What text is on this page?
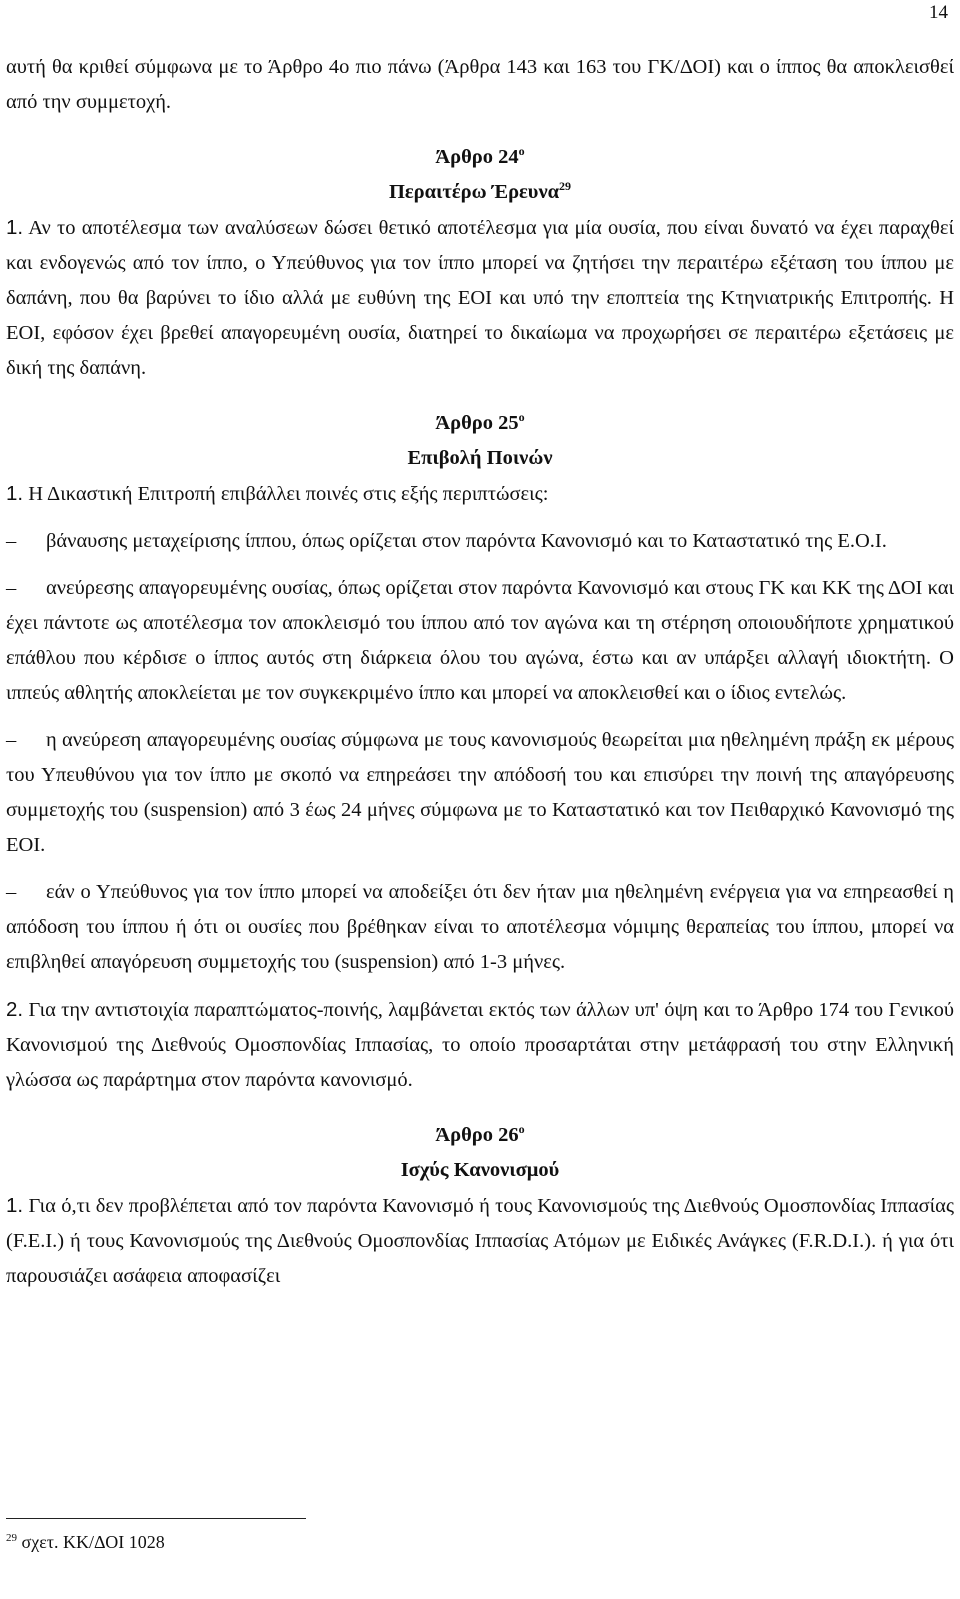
14

αυτή θα κριθεί σύμφωνα με το Άρθρο 4ο πιο πάνω (Άρθρα 143 και 163 του ΓΚ/ΔΟΙ) και ο ίππος θα αποκλεισθεί από την συμμετοχή.

Άρθρο $24^o$
Περαιτέρω Έρευνα$^{29}$

1. Αν το αποτέλεσμα των αναλύσεων δώσει θετικό αποτέλεσμα για μία ουσία, που είναι δυνατό να έχει παραχθεί και ενδογενώς από τον ίππο, ο Υπεύθυνος για τον ίππο μπορεί να ζητήσει την περαιτέρω εξέταση του ίππου με δαπάνη, που θα βαρύνει το ίδιο αλλά με ευθύνη της ΕΟΙ και υπό την εποπτεία της Κτηνιατρικής Επιτροπής. Η ΕΟΙ, εφόσον έχει βρεθεί απαγορευμένη ουσία, διατηρεί το δικαίωμα να προχωρήσει σε περαιτέρω εξετάσεις με δική της δαπάνη.

Άρθρο $25^o$
Επιβολή Ποινών

1. Η Δικαστική Επιτροπή επιβάλλει ποινές στις εξής περιπτώσεις:

– βάναυσης μεταχείρισης ίππου, όπως ορίζεται στον παρόντα Κανονισμό και το Καταστατικό της Ε.Ο.Ι.

– ανεύρεσης απαγορευμένης ουσίας, όπως ορίζεται στον παρόντα Κανονισμό και στους ΓΚ και ΚΚ της ΔΟΙ και έχει πάντοτε ως αποτέλεσμα τον αποκλεισμό του ίππου από τον αγώνα και τη στέρηση οποιουδήποτε χρηματικού επάθλου που κέρδισε ο ίππος αυτός στη διάρκεια όλου του αγώνα, έστω και αν υπάρξει αλλαγή ιδιοκτήτη. Ο ιππεύς αθλητής αποκλείεται με τον συγκεκριμένο ίππο και μπορεί να αποκλεισθεί και ο ίδιος εντελώς.

– η ανεύρεση απαγορευμένης ουσίας σύμφωνα με τους κανονισμούς θεωρείται μια ηθελημένη πράξη εκ μέρους του Υπευθύνου για τον ίππο με σκοπό να επηρεάσει την απόδοσή του και επισύρει την ποινή της απαγόρευσης συμμετοχής του (suspension) από 3 έως 24 μήνες σύμφωνα με το Καταστατικό και τον Πειθαρχικό Κανονισμό της ΕΟΙ.

– εάν ο Υπεύθυνος για τον ίππο μπορεί να αποδείξει ότι δεν ήταν μια ηθελημένη ενέργεια για να επηρεασθεί η απόδοση του ίππου ή ότι οι ουσίες που βρέθηκαν είναι το αποτέλεσμα νόμιμης θεραπείας του ίππου, μπορεί να επιβληθεί απαγόρευση συμμετοχής του (suspension) από 1-3 μήνες.

2. Για την αντιστοιχία παραπτώματος-ποινής, λαμβάνεται εκτός των άλλων υπ' όψη και το Άρθρο 174 του Γενικού Κανονισμού της Διεθνούς Ομοσπονδίας Ιππασίας, το οποίο προσαρτάται στην μετάφρασή του στην Ελληνική γλώσσα ως παράρτημα στον παρόντα κανονισμό.

Άρθρο $26^o$
Ισχύς Κανονισμού

1. Για ό,τι δεν προβλέπεται από τον παρόντα Κανονισμό ή τους Κανονισμούς της Διεθνούς Ομοσπονδίας Ιππασίας (F.E.I.) ή τους Κανονισμούς της Διεθνούς Ομοσπονδίας Ιππασίας Ατόμων με Ειδικές Ανάγκες (F.R.D.I.). ή για ότι παρουσιάζει ασάφεια αποφασίζει

$^{29}$ σχετ. ΚΚ/ΔΟΙ 1028
